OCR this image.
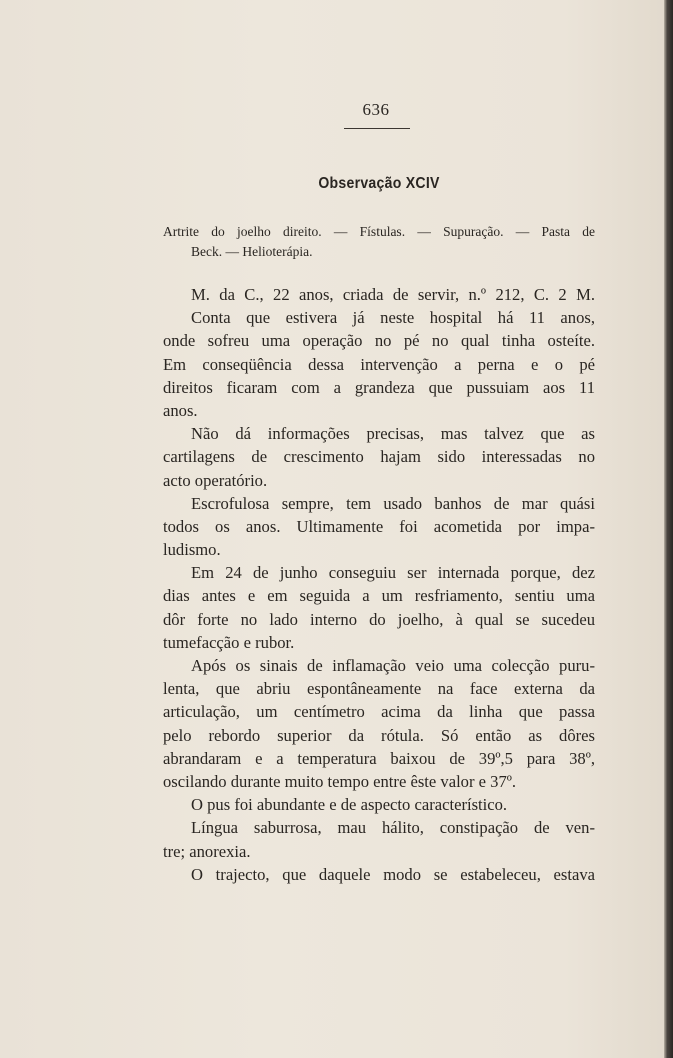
636
Observação XCIV

Artrite do joelho direito. — Fístulas. — Supuração. — Pasta de
Beck. — Helioterápia.

M. da C., 22 anos, criada de servir, n.º 212, C. 2 M.
Conta que estivera já neste hospital há 11 anos,
onde sofreu uma operação no pé no qual tinha osteíte.
Em conseqüência dessa intervenção a perna e o pé
direitos ficaram com a grandeza que pussuiam aos 11
anos.
Não dá informações precisas, mas talvez que as
cartilagens de crescimento hajam sido interessadas no
acto operatório.
Escrofulosa sempre, tem usado banhos de mar quási
todos os anos. Ultimamente foi acometida por impa-
ludismo.
Em 24 de junho conseguiu ser internada porque, dez
dias antes e em seguida a um resfriamento, sentiu uma
dôr forte no lado interno do joelho, à qual se sucedeu
tumefacção e rubor.
Após os sinais de inflamação veio uma colecção puru-
lenta, que abriu espontâneamente na face externa da
articulação, um centímetro acima da linha que passa
pelo rebordo superior da rótula. Só então as dôres
abrandaram e a temperatura baixou de 39º,5 para 38º,
oscilando durante muito tempo entre êste valor e 37º.
O pus foi abundante e de aspecto característico.
Língua saburrosa, mau hálito, constipação de ven-
tre; anorexia.
O trajecto, que daquele modo se estabeleceu, estava
